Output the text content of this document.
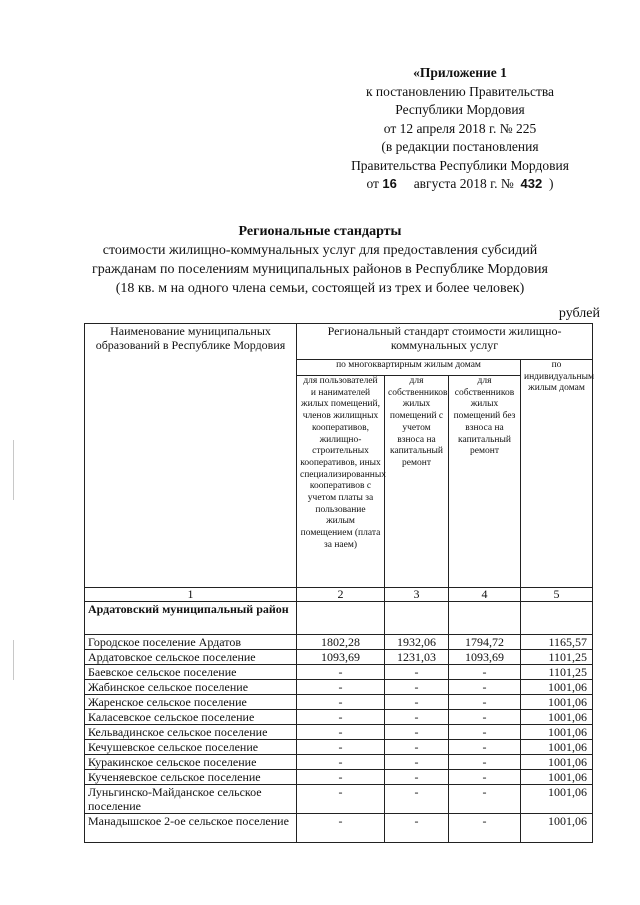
«Приложение 1
к постановлению Правительства
Республики Мордовия
от 12 апреля 2018 г. № 225
(в редакции постановления
Правительства Республики Мордовия
от 16 августа 2018 г. № 432 )
Региональные стандарты
стоимости жилищно-коммунальных услуг для предоставления субсидий
гражданам по поселениям муниципальных районов в Республике Мордовия
(18 кв. м на одного члена семьи, состоящей из трех и более человек)
рублей
Наименование муниципальных образований в Республике Мордовия	Региональный стандарт стоимости жилищно-коммунальных услуг			
	по многоквартирным жилым домам			по индивидуальным жилым домам
	для пользователей и нанимателей жилых помещений, членов жилищных кооперативов, жилищно-строительных кооперативов, иных специализированных кооперативов с учетом платы за пользование жилым помещением (плата за наем)	для собственников жилых помещений с учетом взноса на капитальный ремонт	для собственников жилых помещений без взноса на капитальный ремонт	
1	2	3	4	5
Ардатовский муниципальный район				
Городское поселение Ардатов	1802,28	1932,06	1794,72	1165,57
Ардатовское сельское поселение	1093,69	1231,03	1093,69	1101,25
Баевское сельское поселение	-	-	-	1101,25
Жабинское сельское поселение	-	-	-	1001,06
Жаренское сельское поселение	-	-	-	1001,06
Каласевское сельское поселение	-	-	-	1001,06
Кельвадинское сельское поселение	-	-	-	1001,06
Кечушевское сельское поселение	-	-	-	1001,06
Куракинское сельское поселение	-	-	-	1001,06
Кученяевское сельское поселение	-	-	-	1001,06
Луньгинско-Майданское сельское поселение	-	-	-	1001,06
Манадышское 2-ое сельское поселение	-	-	-	1001,06
